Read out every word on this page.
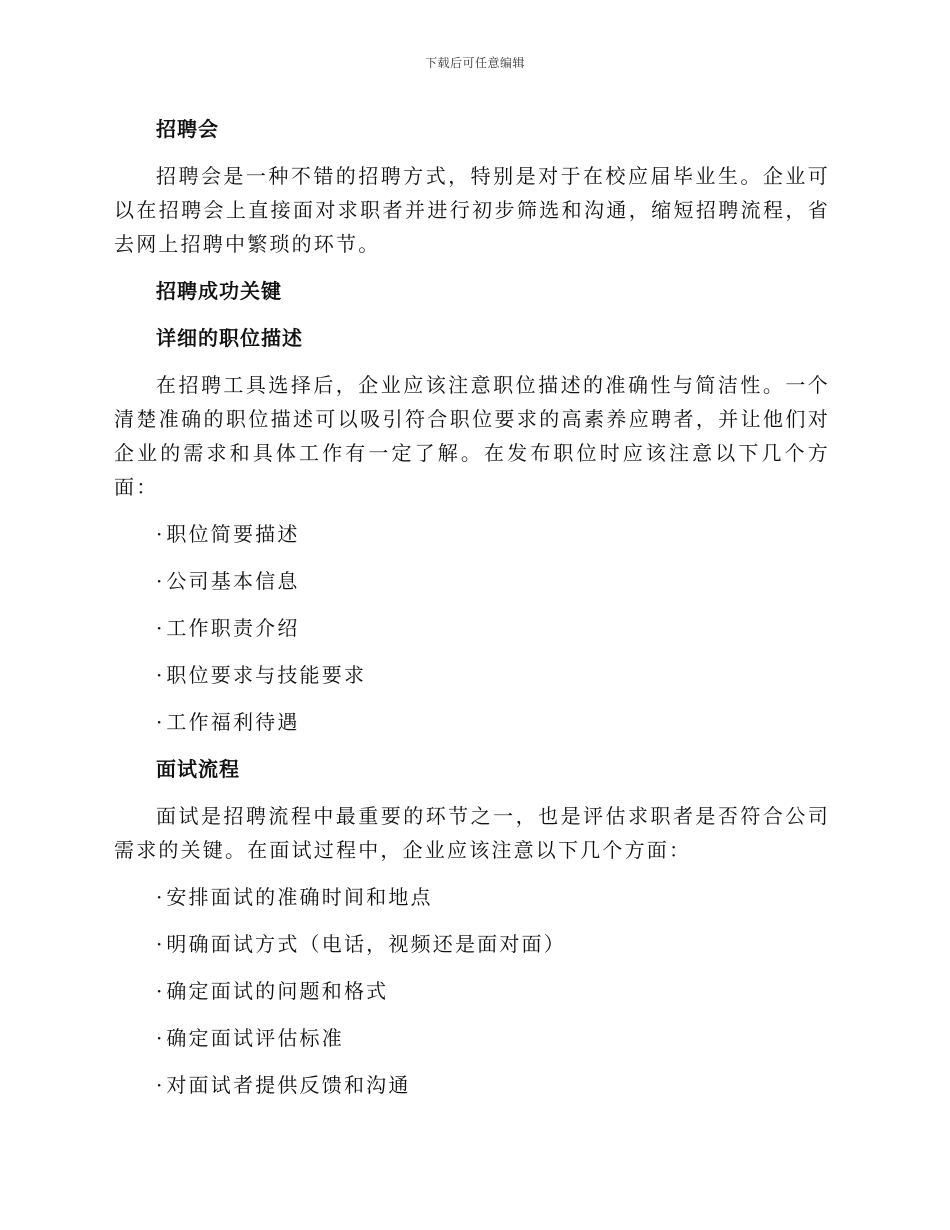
下载后可任意编辑
招聘会

招聘会是一种不错的招聘方式，特别是对于在校应届毕业生。企业可以在招聘会上直接面对求职者并进行初步筛选和沟通，缩短招聘流程，省去网上招聘中繁琐的环节。

招聘成功关键
详细的职位描述

在招聘工具选择后，企业应该注意职位描述的准确性与简洁性。一个清楚准确的职位描述可以吸引符合职位要求的高素养应聘者，并让他们对企业的需求和具体工作有一定了解。在发布职位时应该注意以下几个方面：

· 职位简要描述
· 公司基本信息
· 工作职责介绍
· 职位要求与技能要求
· 工作福利待遇
面试流程

面试是招聘流程中最重要的环节之一，也是评估求职者是否符合公司需求的关键。在面试过程中，企业应该注意以下几个方面：

· 安排面试的准确时间和地点
· 明确面试方式（电话，视频还是面对面）
· 确定面试的问题和格式
· 确定面试评估标准
· 对面试者提供反馈和沟通
